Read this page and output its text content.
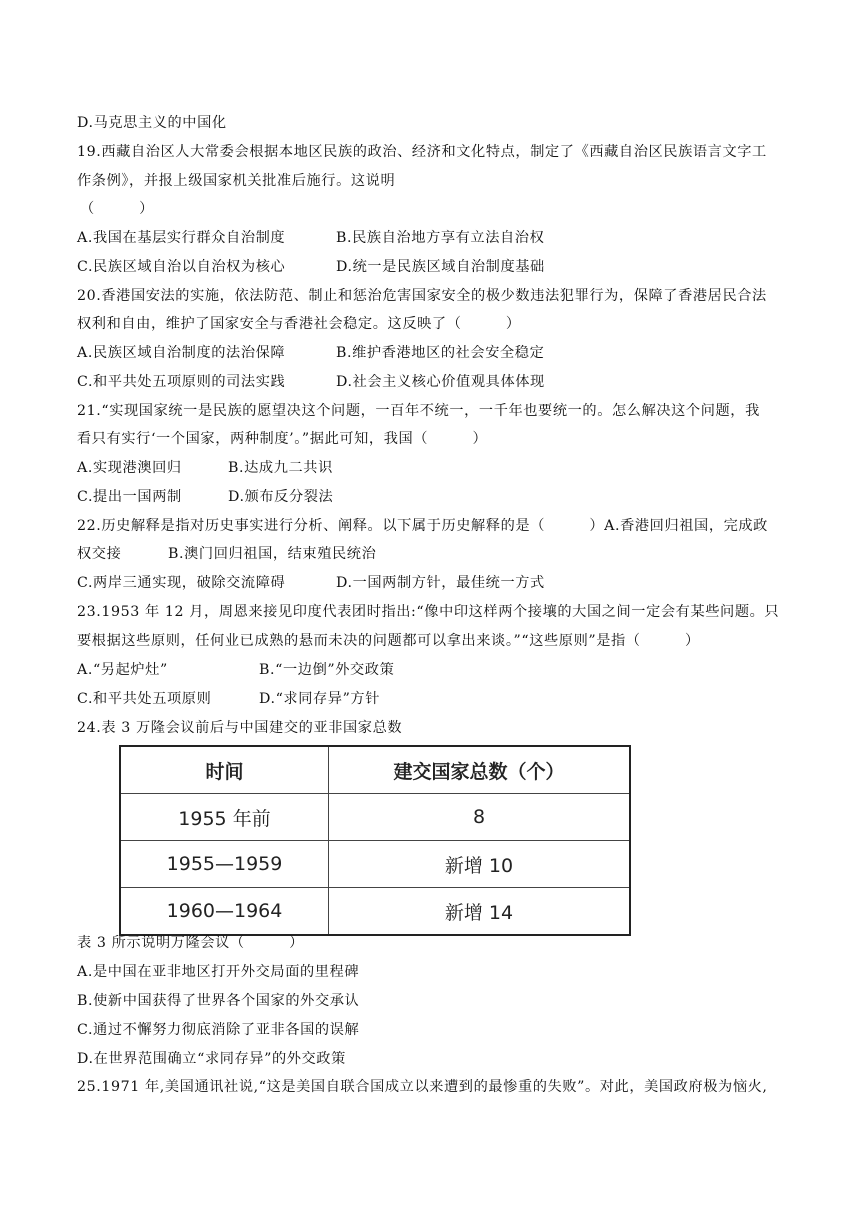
D.马克思主义的中国化
19.西藏自治区人大常委会根据本地区民族的政治、经济和文化特点，制定了《西藏自治区民族语言文字工
作条例》，并报上级国家机关批准后施行。这说明
（　　　）
A.我国在基层实行群众自治制度	B.民族自治地方享有立法自治权
C.民族区域自治以自治权为核心	D.统一是民族区域自治制度基础
20.香港国安法的实施，依法防范、制止和惩治危害国家安全的极少数违法犯罪行为，保障了香港居民合法
权利和自由，维护了国家安全与香港社会稳定。这反映了（　　　）
A.民族区域自治制度的法治保障	B.维护香港地区的社会安全稳定
C.和平共处五项原则的司法实践	D.社会主义核心价值观具体体现
21.“实现国家统一是民族的愿望决这个问题，一百年不统一，一千年也要统一的。怎么解决这个问题，我
看只有实行‘一个国家，两种制度’。”据此可知，我国（　　　）
A.实现港澳回归	B.达成九二共识
C.提出一国两制	D.颁布反分裂法
22.历史解释是指对历史事实进行分析、阐释。以下属于历史解释的是（　　　）A.香港回归祖国，完成政
权交接	B.澳门回归祖国，结束殖民统治
C.两岸三通实现，破除交流障碍	D.一国两制方针，最佳统一方式
23.1953 年 12 月，周恩来接见印度代表团时指出:“像中印这样两个接壤的大国之间一定会有某些问题。只
要根据这些原则，任何业已成熟的悬而未决的问题都可以拿出来谈。”“这些原则”是指（　　　）
A.“另起炉灶”	B.“一边倒”外交政策
C.和平共处五项原则	D.“求同存异”方针
24.表 3 万隆会议前后与中国建交的亚非国家总数
时间	建交国家总数（个）
1955 年前	8
1955—1959	新增 10
1960—1964	新增 14
表 3 所示说明万隆会议（　　　）
A.是中国在亚非地区打开外交局面的里程碑
B.使新中国获得了世界各个国家的外交承认
C.通过不懈努力彻底消除了亚非各国的误解
D.在世界范围确立“求同存异”的外交政策
25.1971 年,美国通讯社说,“这是美国自联合国成立以来遭到的最惨重的失败”。对此，美国政府极为恼火,
